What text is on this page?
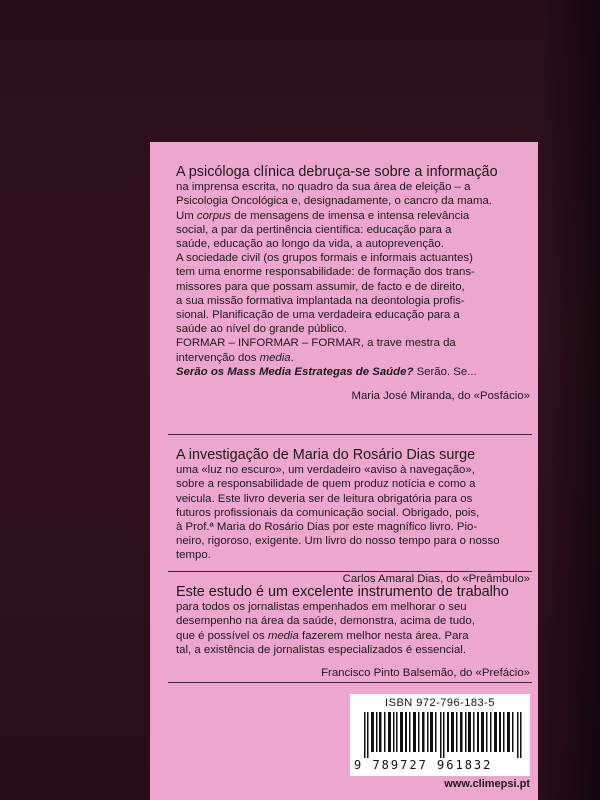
A psicóloga clínica debruça-se sobre a informação
na imprensa escrita, no quadro da sua área de eleição – a
Psicologia Oncológica e, designadamente, o cancro da mama.
Um corpus de mensagens de imensa e intensa relevância
social, a par da pertinência científica: educação para a
saúde, educação ao longo da vida, a autoprevenção.
A sociedade civil (os grupos formais e informais actuantes)
tem uma enorme responsabilidade: de formação dos trans-
missores para que possam assumir, de facto e de direito,
a sua missão formativa implantada na deontologia profis-
sional. Planificação de uma verdadeira educação para a
saúde ao nível do grande público.
FORMAR – INFORMAR – FORMAR, a trave mestra da
intervenção dos media.
Serão os Mass Media Estrategas de Saúde? Serão. Se...

Maria José Miranda, do «Posfácio»

A investigação de Maria do Rosário Dias surge
uma «luz no escuro», um verdadeiro «aviso à navegação»,
sobre a responsabilidade de quem produz notícia e como a
veicula. Este livro deveria ser de leitura obrigatória para os
futuros profissionais da comunicação social. Obrigado, pois,
à Prof.ª Maria do Rosário Dias por este magnífico livro. Pio-
neiro, rigoroso, exigente. Um livro do nosso tempo para o nosso
tempo.

Carlos Amaral Dias, do «Preâmbulo»

Este estudo é um excelente instrumento de trabalho
para todos os jornalistas empenhados em melhorar o seu
desempenho na área da saúde, demonstra, acima de tudo,
que é possível os media fazerem melhor nesta área. Para
tal, a existência de jornalistas especializados é essencial.

Francisco Pinto Balsemão, do «Prefácio»

ISBN 972-796-183-5
9 789727 961832
www.climepsi.pt
